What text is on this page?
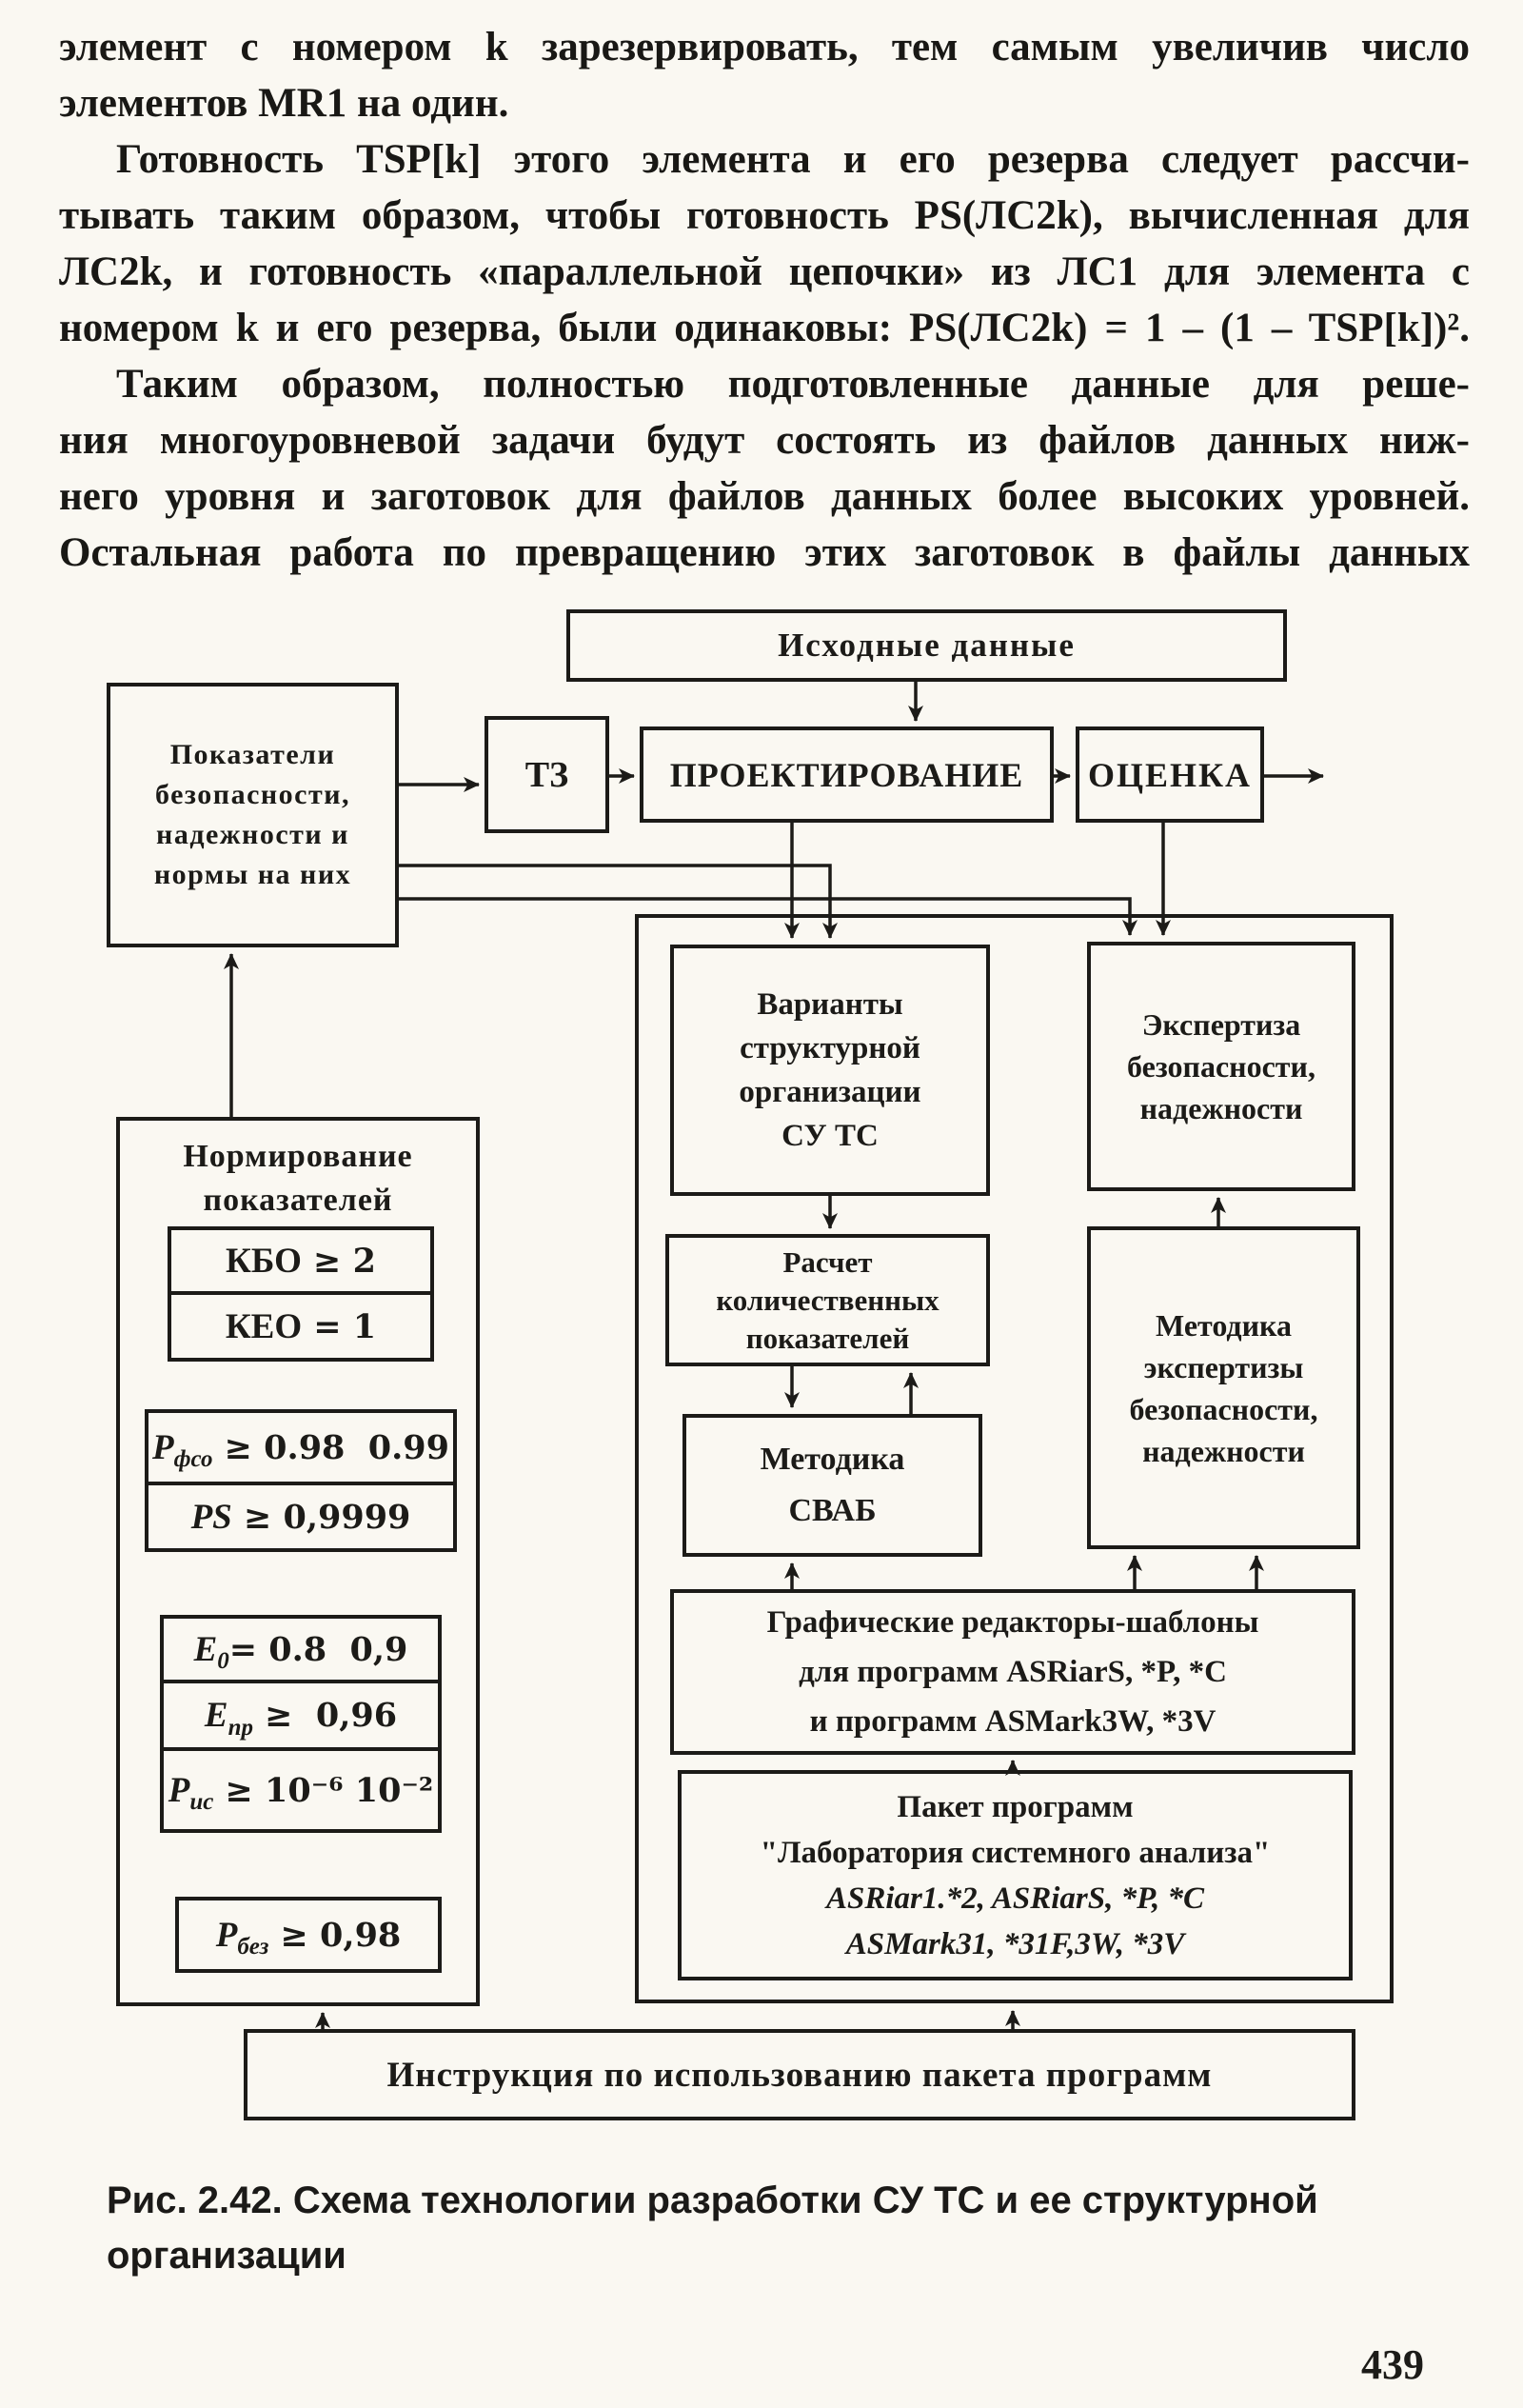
элемент с номером k зарезервировать, тем самым увеличив число
элементов MR1 на один.
Готовность TSP[k] этого элемента и его резерва следует рассчи-
тывать таким образом, чтобы готовность PS(ЛС2k), вычисленная для
ЛС2k, и готовность «параллельной цепочки» из ЛС1 для элемента с
номером k и его резерва, были одинаковы: PS(ЛС2k) = 1 – (1 – TSP[k])².
Таким образом, полностью подготовленные данные для реше-
ния многоуровневой задачи будут состоять из файлов данных ниж-
него уровня и заготовок для файлов данных более высоких уровней.
Остальная работа по превращению этих заготовок в файлы данных
Исходные данные
Показатели
безопасности,
надежности и
нормы на них
ТЗ	ПРОЕКТИРОВАНИЕ ОЦЕНКА
Варианты
структурной
организации
СУ ТС
Экспертиза
безопасности,
надежности
Расчет
количественных
показателей	Методика
экспертизы
безопасности,
надежности
Методика
СВАБ
Графические редакторы-шаблоны
для программ ASRiarS, *P, *C
и программ ASMark3W, *3V
Пакет программ
"Лаборатория системного анализа"
ASRiar1.*2, ASRiarS, *P, *C
ASMark31, *31F,3W, *3V
Нормирование
показателей
КБО ≥ 2
КЕО = 1
Р фсо ≥ 0.98  0.99
PS ≥ 0,9999
Е 0 = 0.8  0,9
Е пр ≥  0,96
Р ис ≥ 10⁻⁶ 10⁻²
Р без ≥ 0,98
Инструкция по использованию пакета программ
Рис. 2.42. Схема технологии разработки СУ ТС и ее структурной
организации
439
